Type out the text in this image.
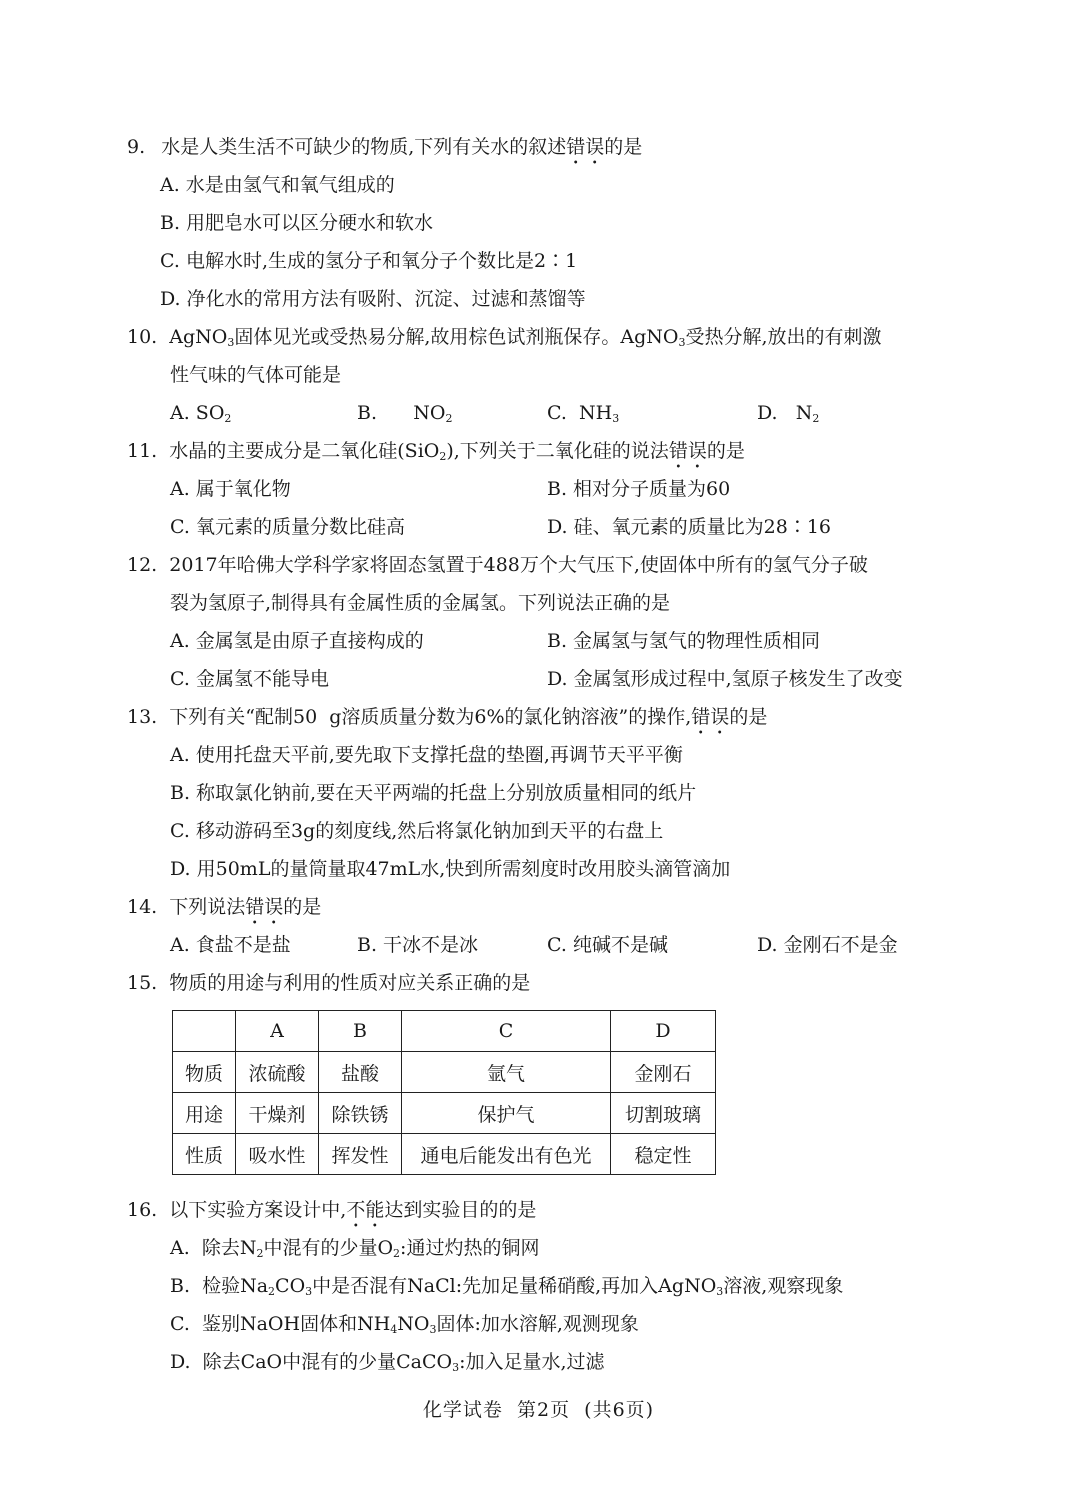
9. 水是人类生活不可缺少的物质,下列有关水的叙述错误的是
A. 水是由氢气和氧气组成的
B. 用肥皂水可以区分硬水和软水
C. 电解水时,生成的氢分子和氧分子个数比是2∶1
D. 净化水的常用方法有吸附、沉淀、过滤和蒸馏等
10. AgNO$_3$固体见光或受热易分解,故用棕色试剂瓶保存。AgNO$_3$受热分解,放出的有刺激
性气味的气体可能是
A. $SO_2$	B.      $NO_2$	C.  $NH_3$	D.   $N_2$
11. 水晶的主要成分是二氧化硅(SiO$_2$),下列关于二氧化硅的说法错误的是
A. 属于氧化物	B. 相对分子质量为60
C. 氧元素的质量分数比硅高	D. 硅、氧元素的质量比为28∶16
12. 2017年哈佛大学科学家将固态氢置于488万个大气压下,使固体中所有的氢气分子破
裂为氢原子,制得具有金属性质的金属氢。下列说法正确的是
A. 金属氢是由原子直接构成的	B. 金属氢与氢气的物理性质相同
C. 金属氢不能导电	D. 金属氢形成过程中,氢原子核发生了改变
13. 下列有关“配制50  g溶质质量分数为6%的氯化钠溶液”的操作,错误的是
A. 使用托盘天平前,要先取下支撑托盘的垫圈,再调节天平平衡
B. 称取氯化钠前,要在天平两端的托盘上分别放质量相同的纸片
C. 移动游码至3g的刻度线,然后将氯化钠加到天平的右盘上
D. 用50mL的量筒量取47mL水,快到所需刻度时改用胶头滴管滴加
14. 下列说法错误的是
A. 食盐不是盐	B. 干冰不是冰	C. 纯碱不是碱	D. 金刚石不是金
15. 物质的用途与利用的性质对应关系正确的是
	A	B	C	D
物质	浓硫酸	盐酸	氩气	金刚石
用途	干燥剂	除铁锈	保护气	切割玻璃
性质	吸水性	挥发性	通电后能发出有色光	稳定性
16. 以下实验方案设计中,不能达到实验目的的是
A.  除去$N_2$中混有的少量$O_2$:通过灼热的铜网
B.  检验$Na_2CO_3$中是否混有NaCl:先加足量稀硝酸,再加入AgNO$_3$溶液,观察现象
C.  鉴别NaOH固体和$NH_4NO_3$固体:加水溶解,观测现象
D.  除去CaO中混有的少量CaCO$_3$:加入足量水,过滤
化学试卷  第2页  (共6页)
